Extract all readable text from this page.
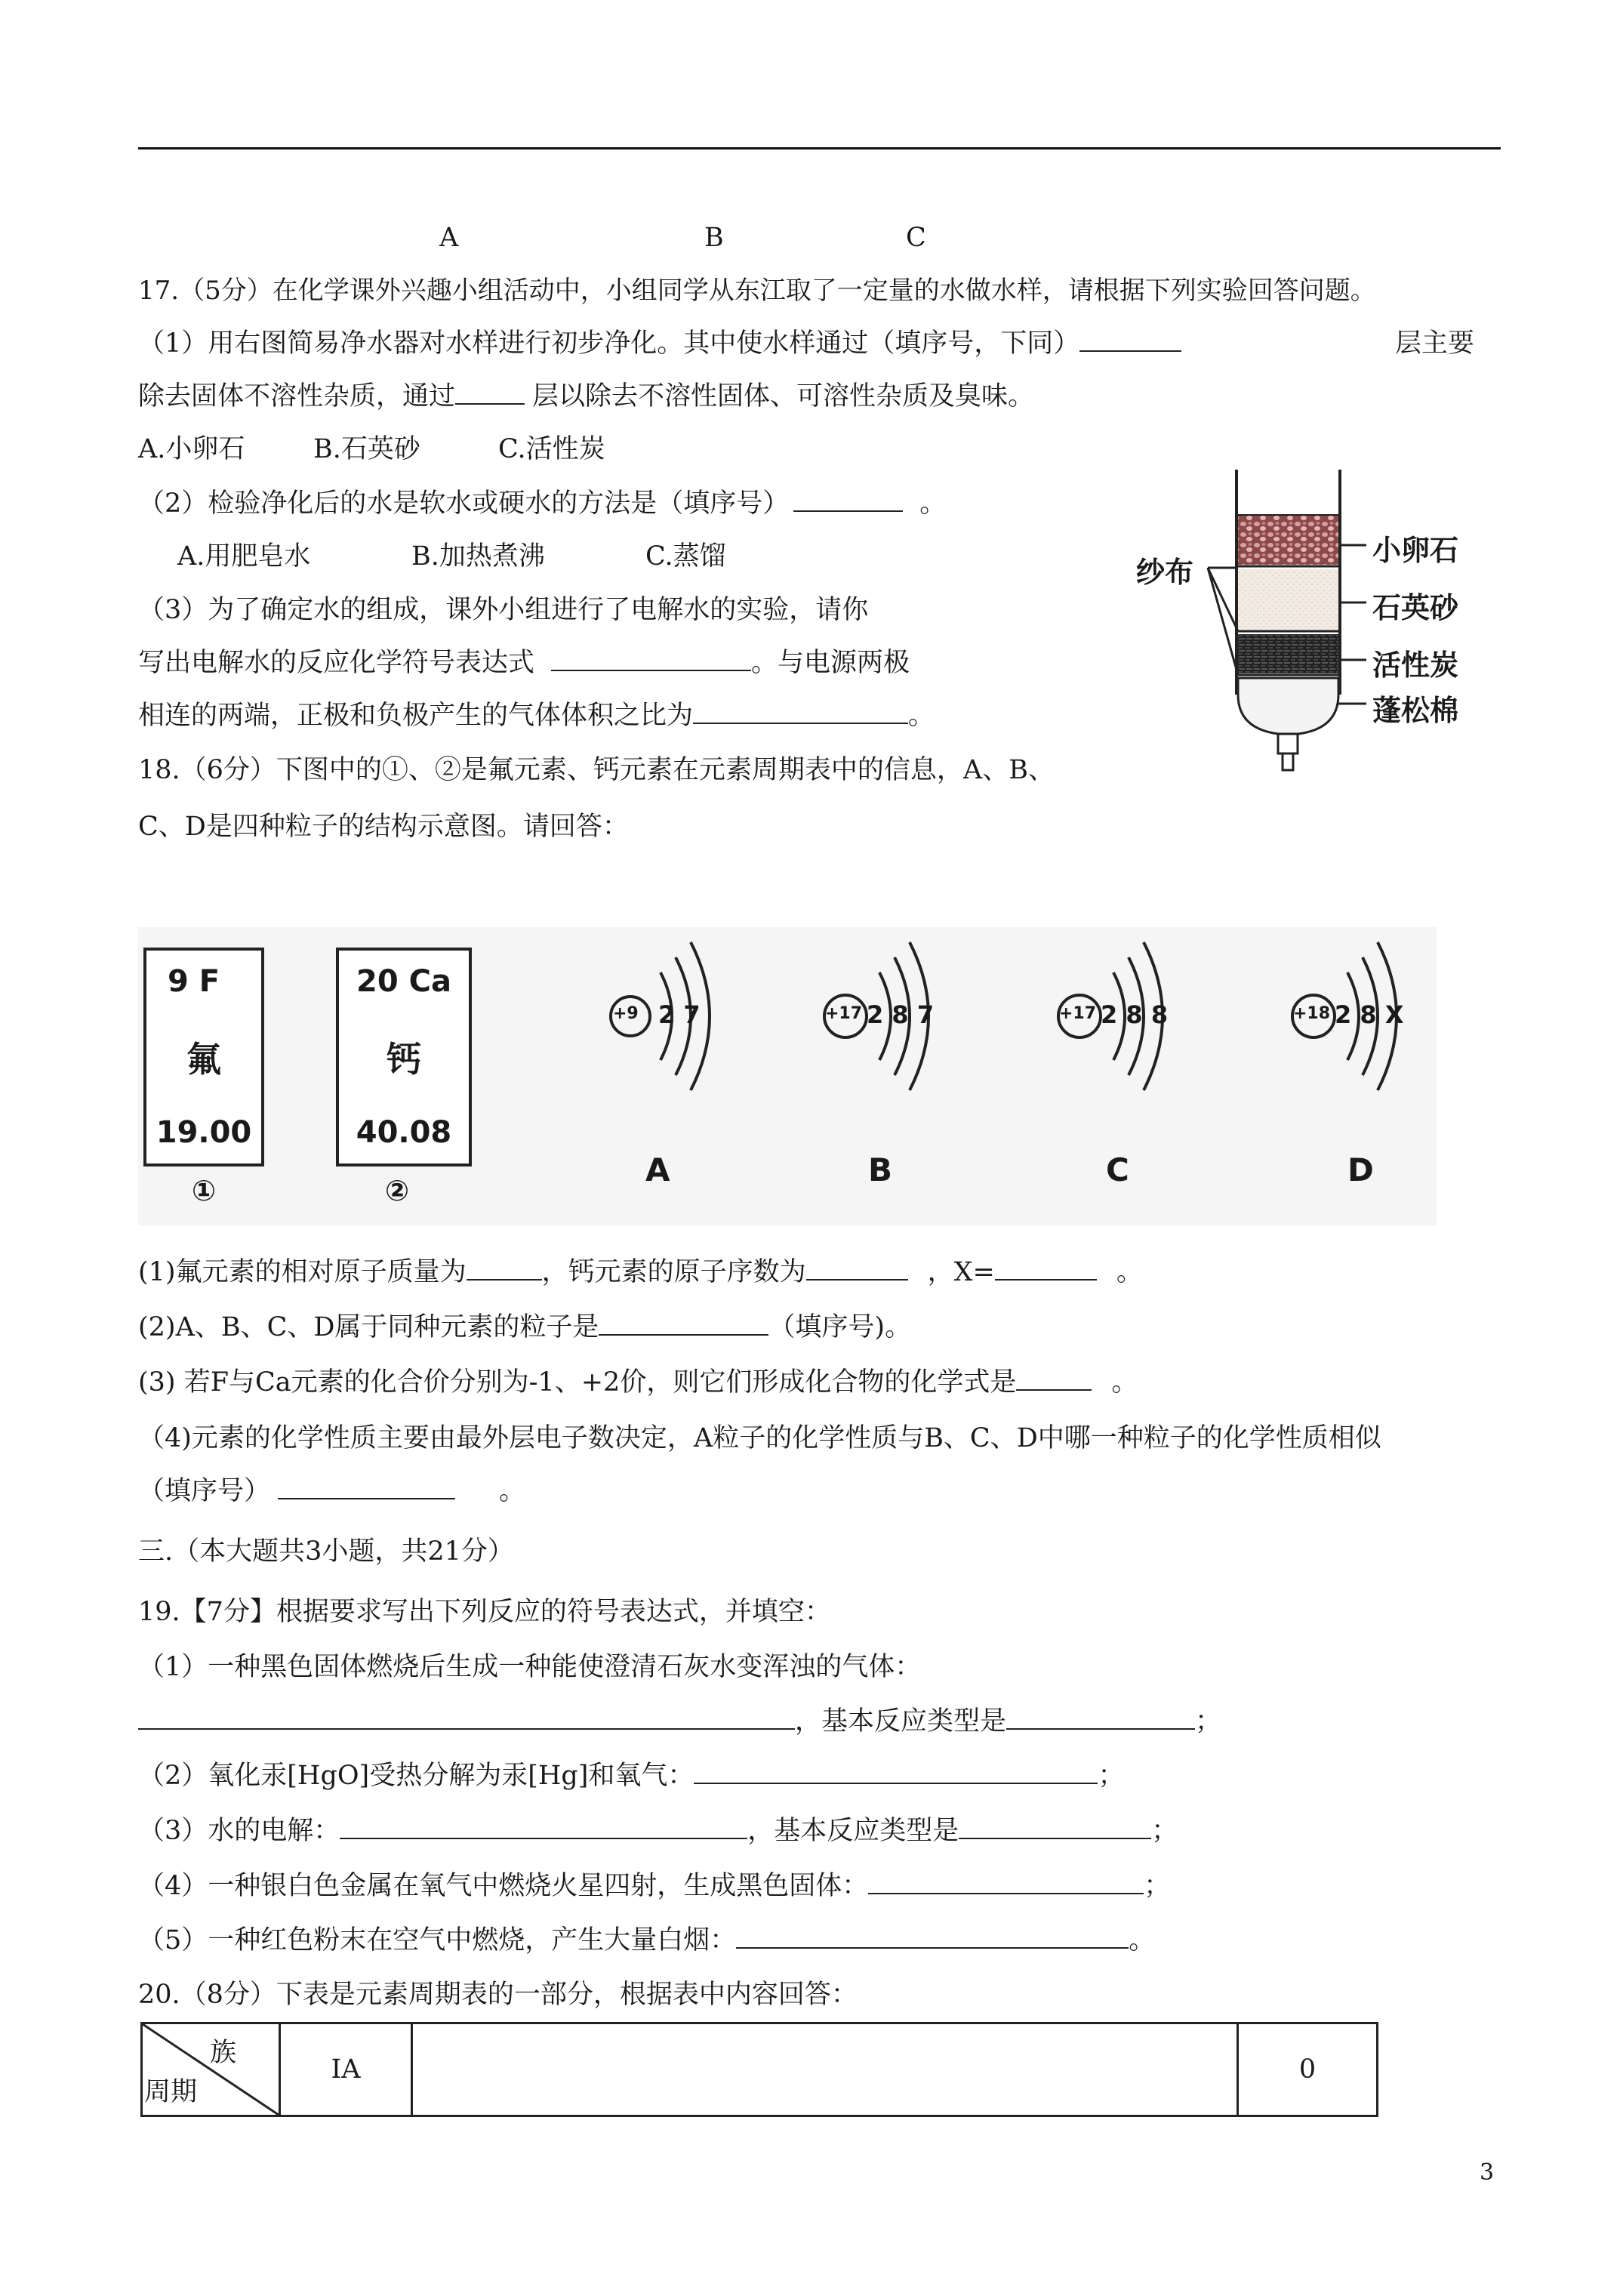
A	B	C
17.（5分）在化学课外兴趣小组活动中，小组同学从东江取了一定量的水做水样，请根据下列实验回答问题。
（1）用右图简易净水器对水样进行初步净化。其中使水样通过（填序号，下同）	层主要
除去固体不溶性杂质，通过	层以除去不溶性固体、可溶性杂质及臭味。
A.小卵石	B.石英砂	C.活性炭
（2）检验净化后的水是软水或硬水的方法是（填序号）	。
A.用肥皂水	B.加热煮沸	C.蒸馏
（3）为了确定水的组成，课外小组进行了电解水的实验，请你
写出电解水的反应化学符号表达式	。与电源两极
相连的两端，正极和负极产生的气体体积之比为	。
纱布
小卵石
石英砂
活性炭
蓬松棉
18.（6分）下图中的①、②是氟元素、钙元素在元素周期表中的信息，A、B、
C、D是四种粒子的结构示意图。请回答：
9 F
氟
19.00
①
20 Ca
钙
40.08
②
+9 2 7
A
+17 2 8 7
B
+17 2 8 8
C
+18 2 8 X
D
(1)氟元素的相对原子质量为	，钙元素的原子序数为	，X=	。
(2)A、B、C、D属于同种元素的粒子是	（填序号)。
(3) 若F与Ca元素的化合价分别为-1、+2价，则它们形成化合物的化学式是	。
（4)元素的化学性质主要由最外层电子数决定，A粒子的化学性质与B、C、D中哪一种粒子的化学性质相似
（填序号）	。
三.（本大题共3小题，共21分）
19.【7分】根据要求写出下列反应的符号表达式，并填空：
（1）一种黑色固体燃烧后生成一种能使澄清石灰水变浑浊的气体：
，基本反应类型是	；
（2）氧化汞[HgO]受热分解为汞[Hg]和氧气：	；
（3）水的电解：	，基本反应类型是	；
（4）一种银白色金属在氧气中燃烧火星四射，生成黑色固体：	；
（5）一种红色粉末在空气中燃烧，产生大量白烟：	。
20.（8分）下表是元素周期表的一部分，根据表中内容回答：
族
周期
	IA		0
3
